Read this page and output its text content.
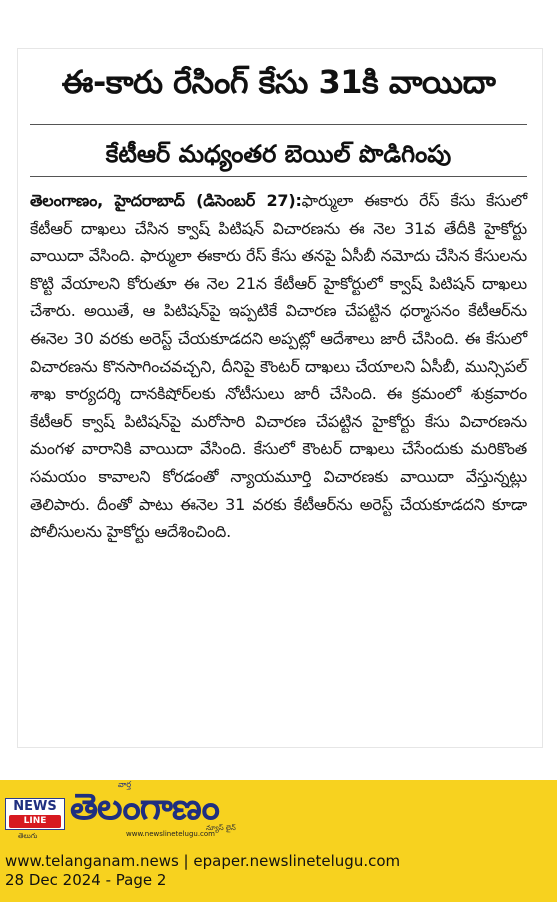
ఈ-కారు రేసింగ్ కేసు 31కి వాయిదా
కేటీఆర్ మధ్యంతర బెయిల్ పొడిగింపు
తెలంగాణం, హైదరాబాద్ (డిసెంబర్ 27):ఫార్ములా ఈకారు రేస్ కేసు కేసులో కేటీఆర్ దాఖలు చేసిన క్వాష్ పిటిషన్ విచారణను ఈ నెల 31వ తేదీకి హైకోర్టు వాయిదా వేసింది. ఫార్ములా ఈకారు రేస్ కేసు తనపై ఏసీబీ నమోదు చేసిన కేసులను కొట్టి వేయాలని కోరుతూ ఈ నెల 21న కేటీఆర్ హైకోర్టులో క్వాష్ పిటిషన్ దాఖలు చేశారు. అయితే, ఆ పిటిషన్‌పై ఇప్పటికే విచారణ చేపట్టిన ధర్మాసనం కేటీఆర్‌ను ఈనెల 30 వరకు అరెస్ట్ చేయకూడదని అప్పట్లో ఆదేశాలు జారీ చేసింది. ఈ కేసులో విచారణను కొనసాగించవచ్చని, దీనిపై కౌంటర్ దాఖలు చేయాలని ఏసీబీ, మున్సిపల్ శాఖ కార్యదర్శి దానకిషోర్‌లకు నోటీసులు జారీ చేసింది. ఈ క్రమంలో శుక్రవారం కేటీఆర్ క్వాష్ పిటిషన్‌పై మరోసారి విచారణ చేపట్టిన హైకోర్టు కేసు విచారణను మంగళ వారానికి వాయిదా వేసింది. కేసులో కౌంటర్ దాఖలు చేసేందుకు మరికొంత సమయం కావాలని కోరడంతో న్యాయమూర్తి విచారణకు వాయిదా వేస్తున్నట్లు తెలిపారు. దీంతో పాటు ఈనెల 31 వరకు కేటీఆర్‌ను అరెస్ట్ చేయకూడదని కూడా పోలీసులను హైకోర్టు ఆదేశించింది.
NEWS
LINE
తెలుగు
వార్త
తెలంగాణం
www.newslinetelugu.com
న్యూస్ లైన్
www.telanganam.news | epaper.newslinetelugu.com
28 Dec 2024 - Page 2
